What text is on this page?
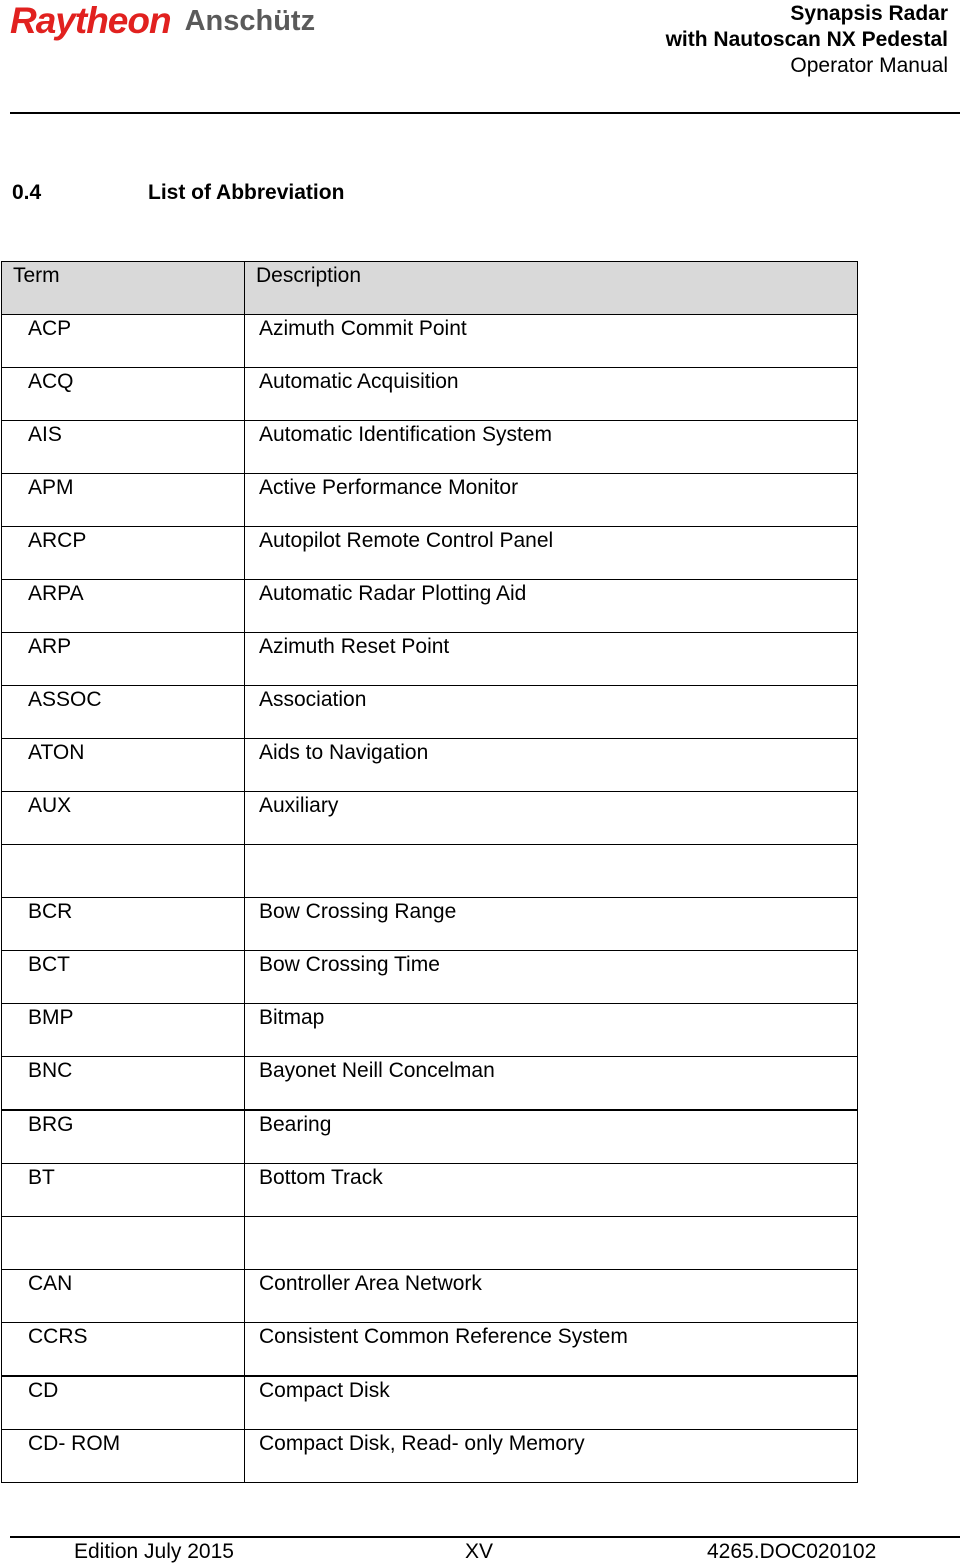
Raytheon Anschütz	Synapsis Radar
with Nautoscan NX Pedestal
Operator Manual
0.4	List of Abbreviation
Term	Description
ACP	Azimuth Commit Point
ACQ	Automatic Acquisition
AIS	Automatic Identification System
APM	Active Performance Monitor
ARCP	Autopilot Remote Control Panel
ARPA	Automatic Radar Plotting Aid
ARP	Azimuth Reset Point
ASSOC	Association
ATON	Aids to Navigation
AUX	Auxiliary

BCR	Bow Crossing Range
BCT	Bow Crossing Time
BMP	Bitmap
BNC	Bayonet Neill Concelman
BRG	Bearing
BT	Bottom Track

CAN	Controller Area Network
CCRS	Consistent Common Reference System
CD	Compact Disk
CD- ROM	Compact Disk, Read- only Memory
Edition July 2015	XV	4265.DOC020102
